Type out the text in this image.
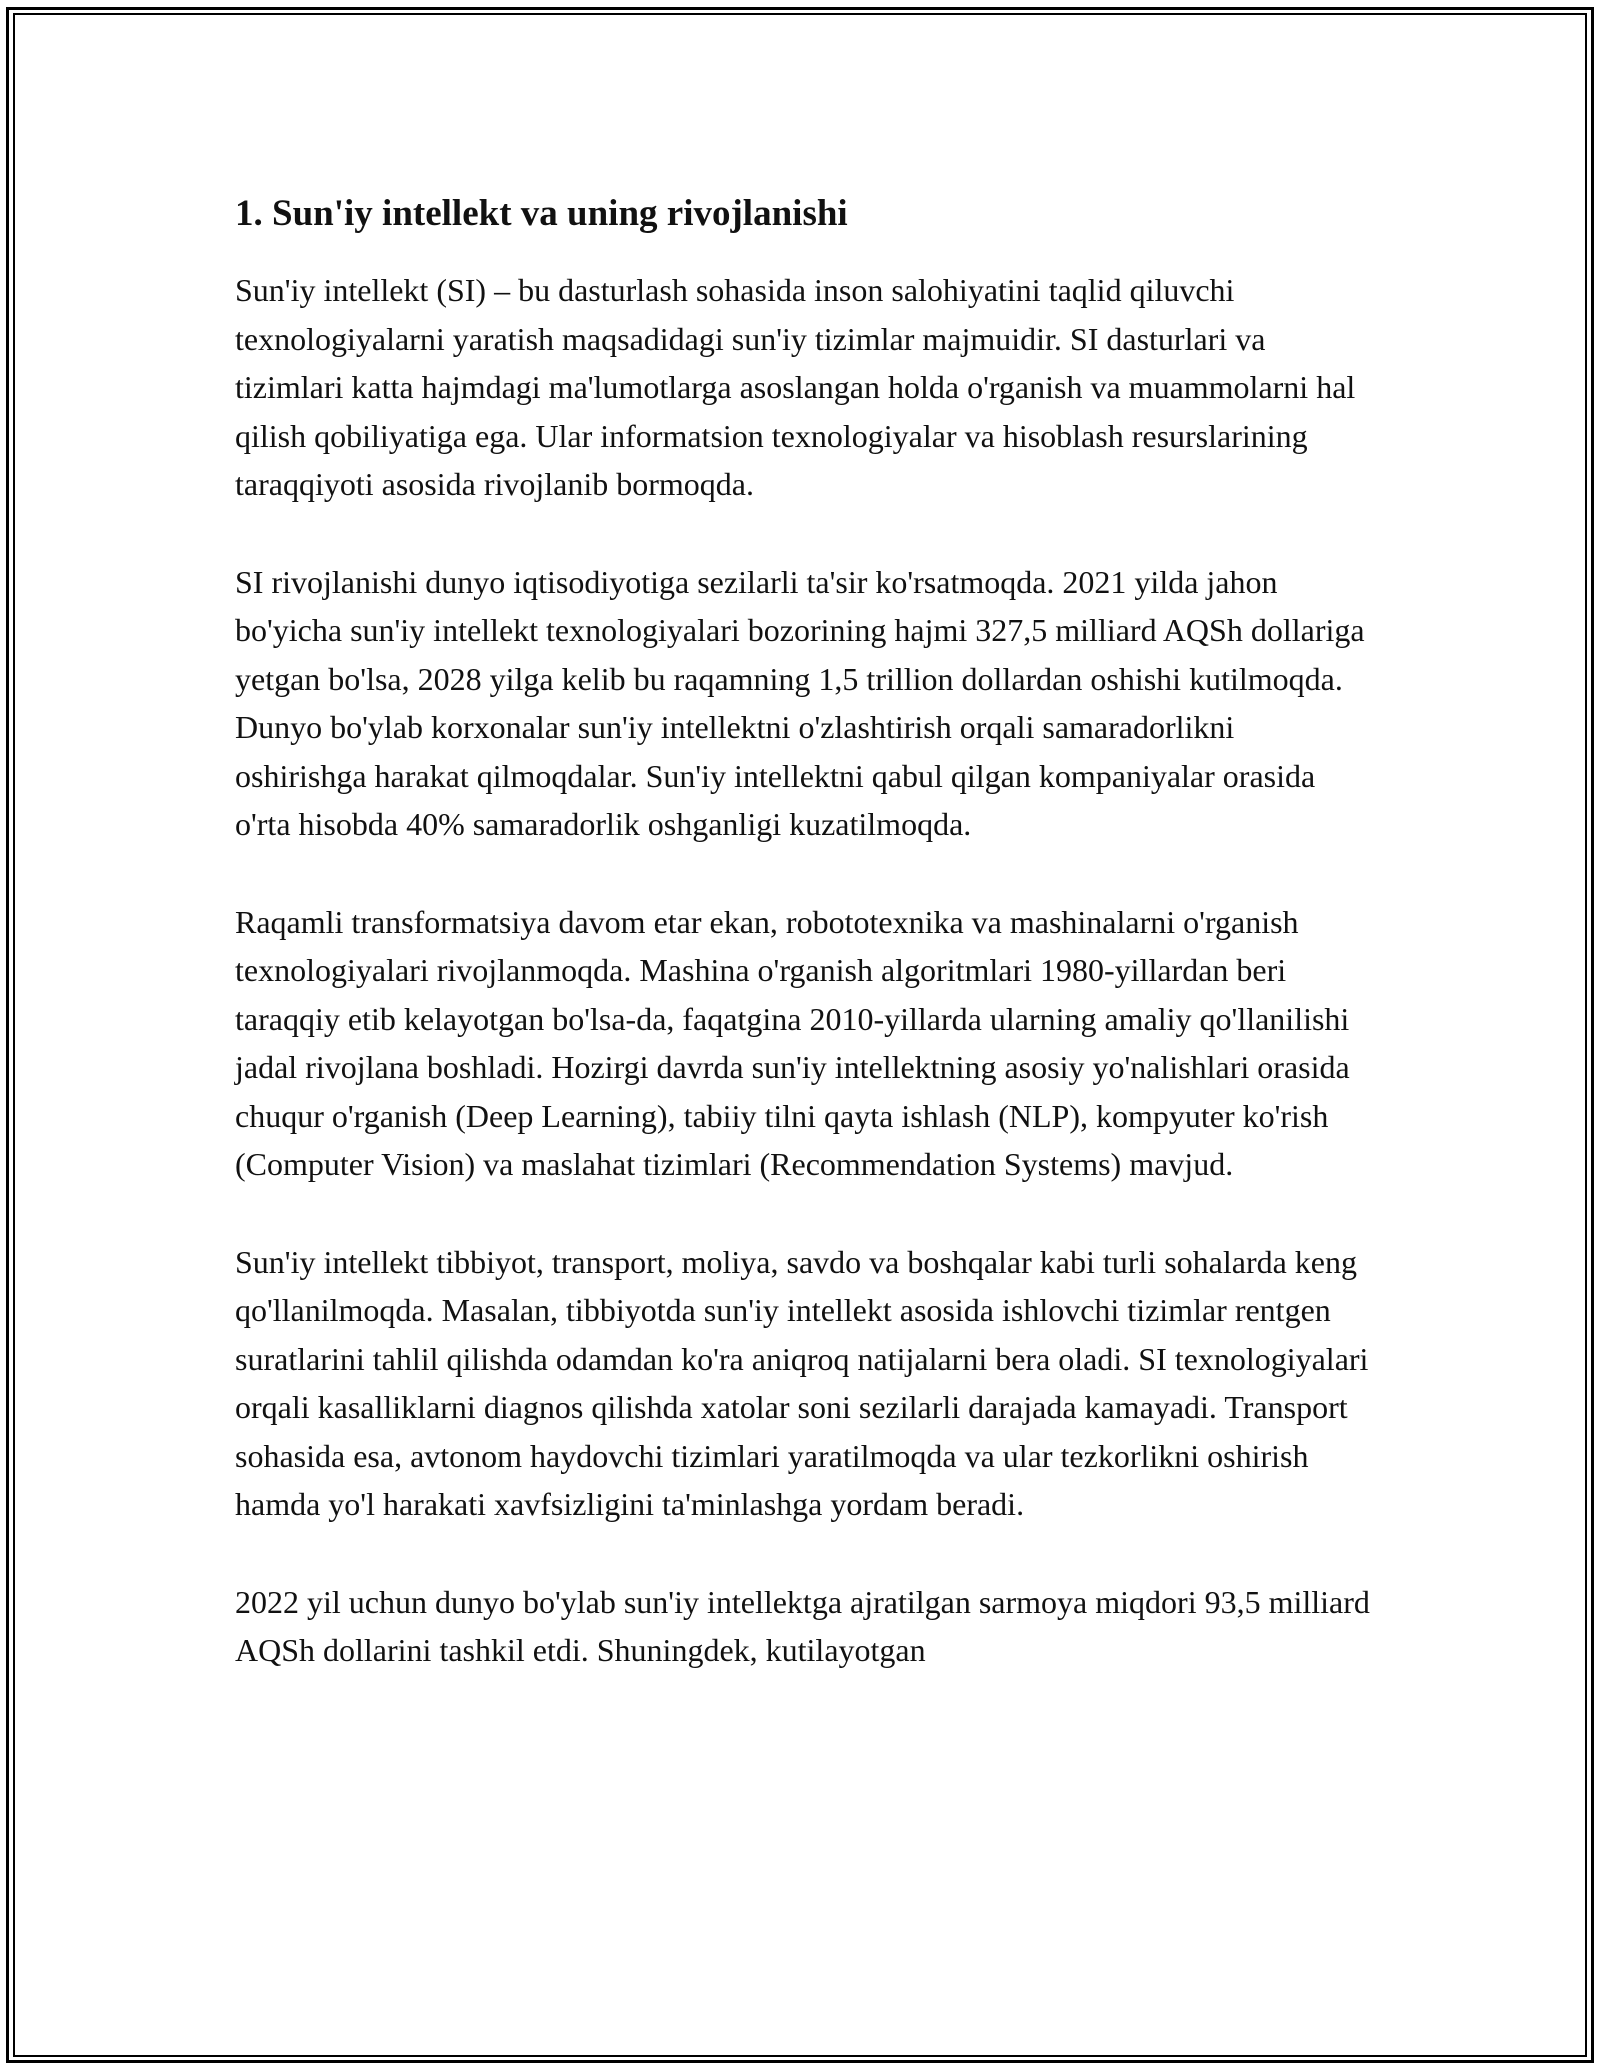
1. Sun'iy intellekt va uning rivojlanishi

Sun'iy intellekt (SI) – bu dasturlash sohasida inson salohiyatini taqlid qiluvchi texnologiyalarni yaratish maqsadidagi sun'iy tizimlar majmuidir. SI dasturlari va tizimlari katta hajmdagi ma'lumotlarga asoslangan holda o'rganish va muammolarni hal qilish qobiliyatiga ega. Ular informatsion texnologiyalar va hisoblash resurslarining taraqqiyoti asosida rivojlanib bormoqda.

SI rivojlanishi dunyo iqtisodiyotiga sezilarli ta'sir ko'rsatmoqda. 2021 yilda jahon bo'yicha sun'iy intellekt texnologiyalari bozorining hajmi 327,5 milliard AQSh dollariga yetgan bo'lsa, 2028 yilga kelib bu raqamning 1,5 trillion dollardan oshishi kutilmoqda. Dunyo bo'ylab korxonalar sun'iy intellektni o'zlashtirish orqali samaradorlikni oshirishga harakat qilmoqdalar. Sun'iy intellektni qabul qilgan kompaniyalar orasida o'rta hisobda 40% samaradorlik oshganligi kuzatilmoqda.

Raqamli transformatsiya davom etar ekan, robototexnika va mashinalarni o'rganish texnologiyalari rivojlanmoqda. Mashina o'rganish algoritmlari 1980-yillardan beri taraqqiy etib kelayotgan bo'lsa-da, faqatgina 2010-yillarda ularning amaliy qo'llanilishi jadal rivojlana boshladi. Hozirgi davrda sun'iy intellektning asosiy yo'nalishlari orasida chuqur o'rganish (Deep Learning), tabiiy tilni qayta ishlash (NLP), kompyuter ko'rish (Computer Vision) va maslahat tizimlari (Recommendation Systems) mavjud.

Sun'iy intellekt tibbiyot, transport, moliya, savdo va boshqalar kabi turli sohalarda keng qo'llanilmoqda. Masalan, tibbiyotda sun'iy intellekt asosida ishlovchi tizimlar rentgen suratlarini tahlil qilishda odamdan ko'ra aniqroq natijalarni bera oladi. SI texnologiyalari orqali kasalliklarni diagnos qilishda xatolar soni sezilarli darajada kamayadi. Transport sohasida esa, avtonom haydovchi tizimlari yaratilmoqda va ular tezkorlikni oshirish hamda yo'l harakati xavfsizligini ta'minlashga yordam beradi.

2022 yil uchun dunyo bo'ylab sun'iy intellektga ajratilgan sarmoya miqdori 93,5 milliard AQSh dollarini tashkil etdi. Shuningdek, kutilayotgan
